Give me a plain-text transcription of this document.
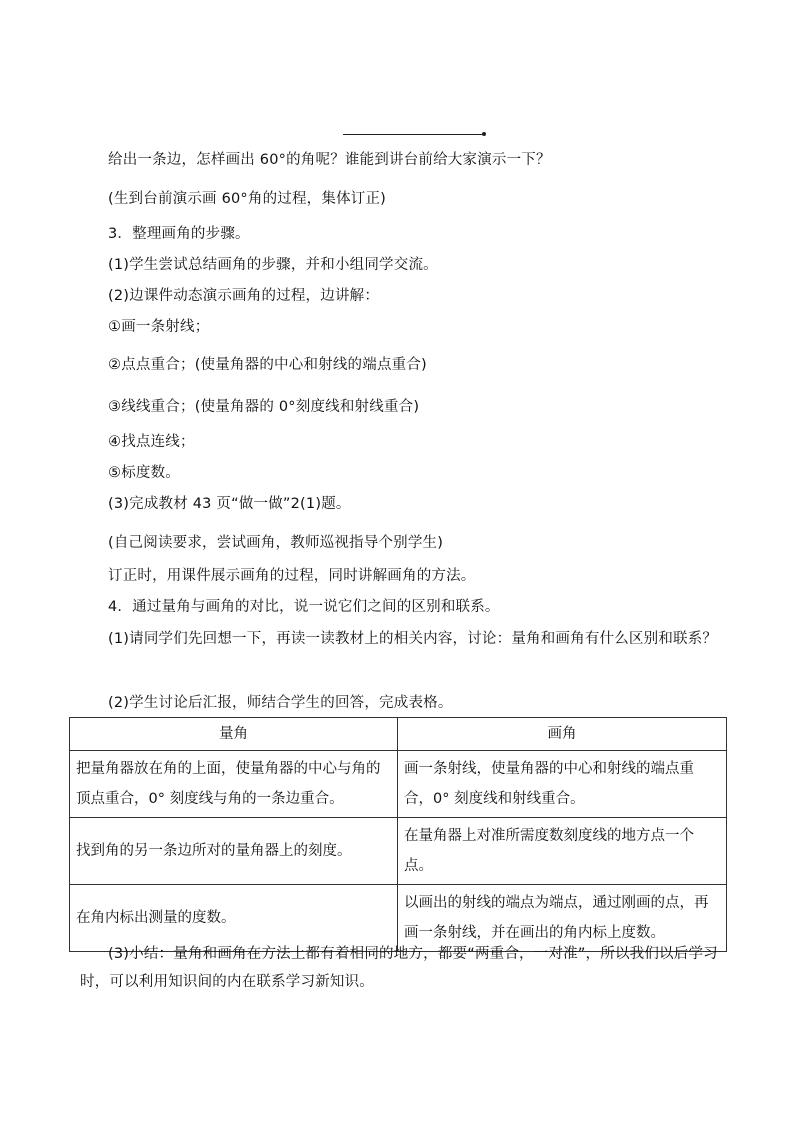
给出一条边，怎样画出 60°的角呢？谁能到讲台前给大家演示一下？
(生到台前演示画 60°角的过程，集体订正)
3．整理画角的步骤。
(1)学生尝试总结画角的步骤，并和小组同学交流。
(2)边课件动态演示画角的过程，边讲解：
①画一条射线；
②点点重合；(使量角器的中心和射线的端点重合)
③线线重合；(使量角器的 0°刻度线和射线重合)
④找点连线；
⑤标度数。
(3)完成教材 43 页“做一做”2(1)题。
(自己阅读要求，尝试画角，教师巡视指导个别学生)
订正时，用课件展示画角的过程，同时讲解画角的方法。
4．通过量角与画角的对比，说一说它们之间的区别和联系。
(1)请同学们先回想一下，再读一读教材上的相关内容，讨论：量角和画角有什么区别和联系？
(2)学生讨论后汇报，师结合学生的回答，完成表格。
量角	画角
把量角器放在角的上面，使量角器的中心与角的顶点重合，0° 刻度线与角的一条边重合。	画一条射线，使量角器的中心和射线的端点重合，0° 刻度线和射线重合。
找到角的另一条边所对的量角器上的刻度。	在量角器上对准所需度数刻度线的地方点一个点。
在角内标出测量的度数。	以画出的射线的端点为端点，通过刚画的点，再画一条射线，并在画出的角内标上度数。
(3)小结：量角和画角在方法上都有着相同的地方，都要“两重合，一对准”，所以我们以后学习时，可以利用知识间的内在联系学习新知识。
